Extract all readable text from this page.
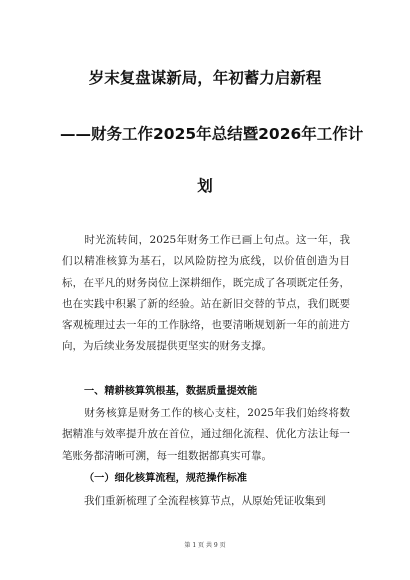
岁末复盘谋新局，年初蓄力启新程
——财务工作2025年总结暨2026年工作计
划
时光流转间，2025年财务工作已画上句点。这一年，我们以精准核算为基石，以风险防控为底线，以价值创造为目标，在平凡的财务岗位上深耕细作，既完成了各项既定任务，也在实践中积累了新的经验。站在新旧交替的节点，我们既要客观梳理过去一年的工作脉络，也要清晰规划新一年的前进方向，为后续业务发展提供更坚实的财务支撑。
一、精耕核算筑根基，数据质量提效能
财务核算是财务工作的核心支柱，2025年我们始终将数据精准与效率提升放在首位，通过细化流程、优化方法让每一笔账务都清晰可溯，每一组数据都真实可靠。
（一）细化核算流程，规范操作标准
我们重新梳理了全流程核算节点，从原始凭证收集到
第 1 页 共 9 页
